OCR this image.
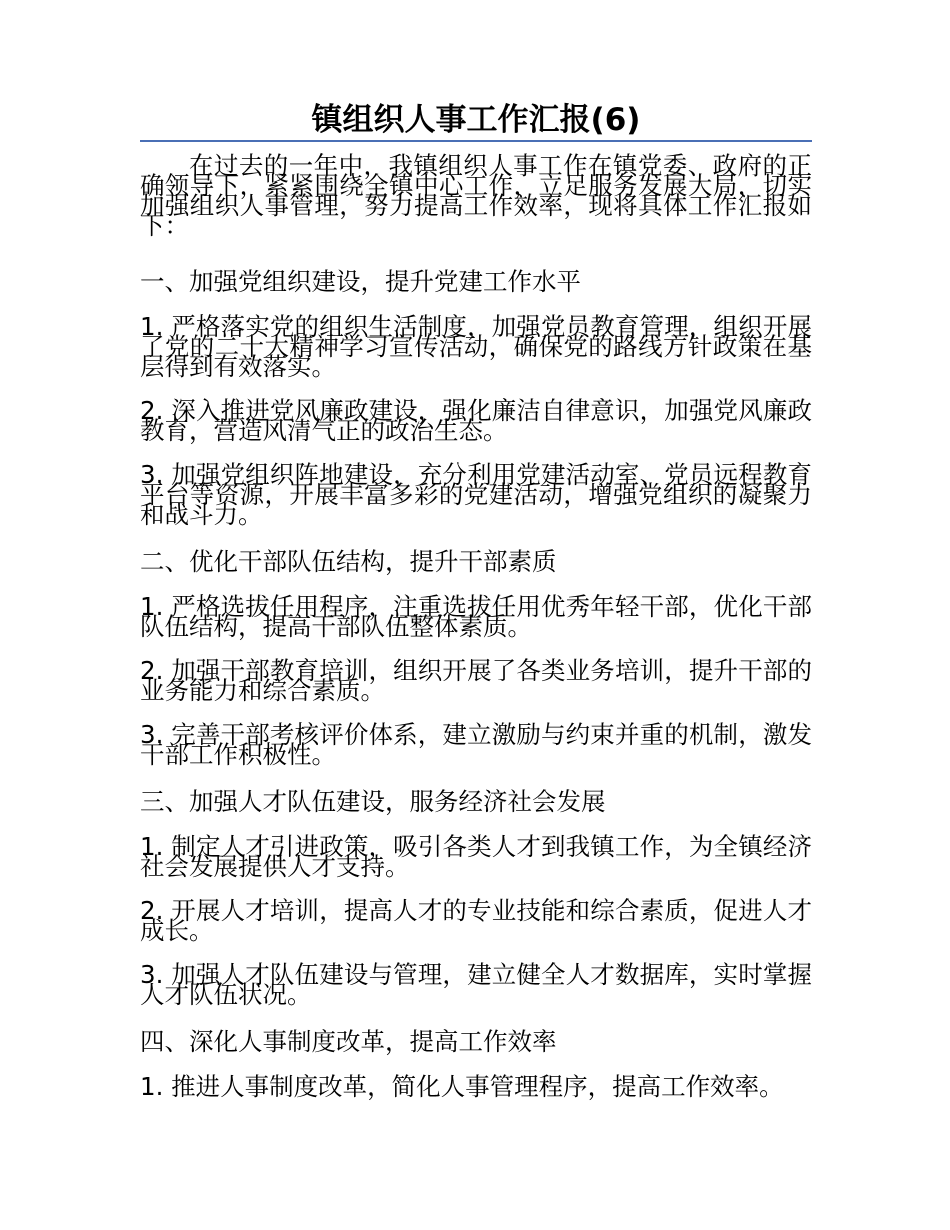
镇组织人事工作汇报(6)

在过去的一年中，我镇组织人事工作在镇党委、政府的正确领导下，紧紧围绕全镇中心工作，立足服务发展大局，切实加强组织人事管理，努力提高工作效率，现将具体工作汇报如下：

一、加强党组织建设，提升党建工作水平

1. 严格落实党的组织生活制度，加强党员教育管理，组织开展了党的二十大精神学习宣传活动，确保党的路线方针政策在基层得到有效落实。

2. 深入推进党风廉政建设，强化廉洁自律意识，加强党风廉政教育，营造风清气正的政治生态。

3. 加强党组织阵地建设，充分利用党建活动室、党员远程教育平台等资源，开展丰富多彩的党建活动，增强党组织的凝聚力和战斗力。

二、优化干部队伍结构，提升干部素质

1. 严格选拔任用程序，注重选拔任用优秀年轻干部，优化干部队伍结构，提高干部队伍整体素质。

2. 加强干部教育培训，组织开展了各类业务培训，提升干部的业务能力和综合素质。

3. 完善干部考核评价体系，建立激励与约束并重的机制，激发干部工作积极性。

三、加强人才队伍建设，服务经济社会发展

1. 制定人才引进政策，吸引各类人才到我镇工作，为全镇经济社会发展提供人才支持。

2. 开展人才培训，提高人才的专业技能和综合素质，促进人才成长。

3. 加强人才队伍建设与管理，建立健全人才数据库，实时掌握人才队伍状况。

四、深化人事制度改革，提高工作效率

1. 推进人事制度改革，简化人事管理程序，提高工作效率。
